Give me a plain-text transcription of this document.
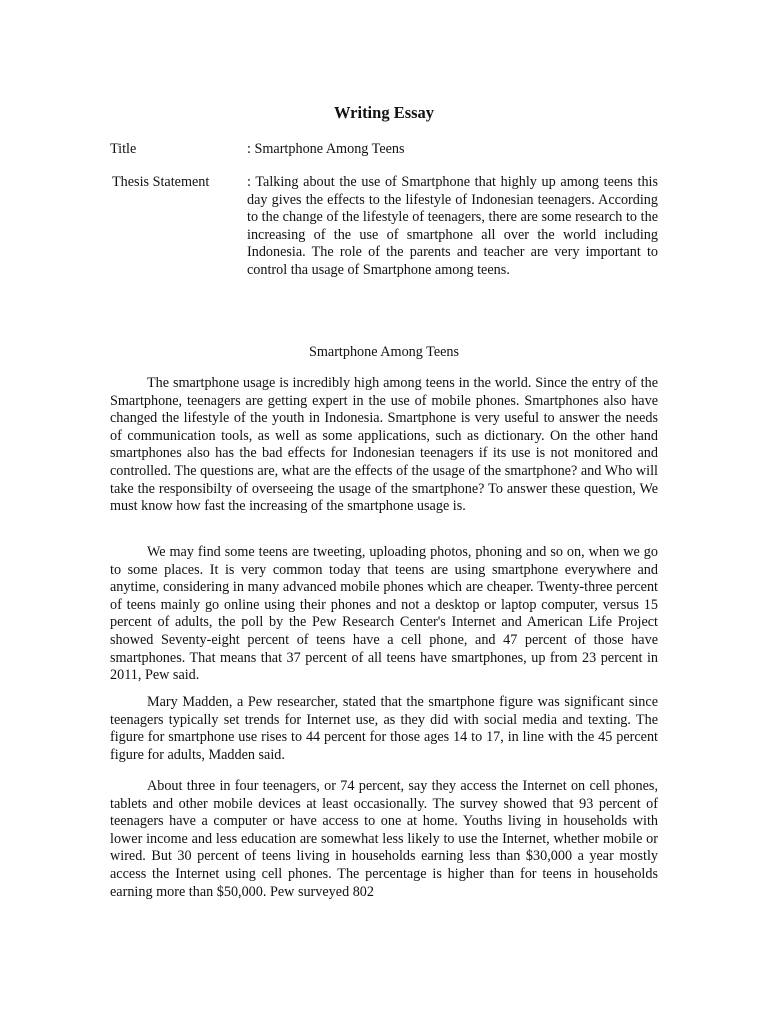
Writing Essay

Title	: Smartphone Among Teens

Thesis Statement	: Talking about the use of Smartphone that highly up among teens this day gives the effects to the lifestyle of Indonesian teenagers. According to the change of the lifestyle of teenagers, there are some research to the increasing of the use of smartphone all over the world including Indonesia. The role of the parents and teacher are very important to control tha usage of Smartphone among teens.

Smartphone Among Teens

The smartphone usage is incredibly high among teens in the world. Since the entry of the Smartphone, teenagers are getting expert in the use of mobile phones. Smartphones also have changed the lifestyle of the youth in Indonesia. Smartphone is very useful to answer the needs of communication tools, as well as some applications, such as dictionary. On the other hand smartphones also has the bad effects for Indonesian teenagers if its use is not monitored and controlled. The questions are, what are the effects of the usage of the smartphone? and Who will take the responsibilty of overseeing the usage of the smartphone? To answer these question, We must know how fast the increasing of the smartphone usage is.

We may find some teens are tweeting, uploading photos, phoning and so on, when we go to some places. It is very common today that teens are using smartphone everywhere and anytime, considering in many advanced mobile phones which are cheaper. Twenty-three percent of teens mainly go online using their phones and not a desktop or laptop computer, versus 15 percent of adults, the poll by the Pew Research Center's Internet and American Life Project showed Seventy-eight percent of teens have a cell phone, and 47 percent of those have smartphones. That means that 37 percent of all teens have smartphones, up from 23 percent in 2011, Pew said.

Mary Madden, a Pew researcher, stated that the smartphone figure was significant since teenagers typically set trends for Internet use, as they did with social media and texting. The figure for smartphone use rises to 44 percent for those ages 14 to 17, in line with the 45 percent figure for adults, Madden said.

About three in four teenagers, or 74 percent, say they access the Internet on cell phones, tablets and other mobile devices at least occasionally. The survey showed that 93 percent of teenagers have a computer or have access to one at home. Youths living in households with lower income and less education are somewhat less likely to use the Internet, whether mobile or wired. But 30 percent of teens living in households earning less than $30,000 a year mostly access the Internet using cell phones. The percentage is higher than for teens in households earning more than $50,000. Pew surveyed 802
